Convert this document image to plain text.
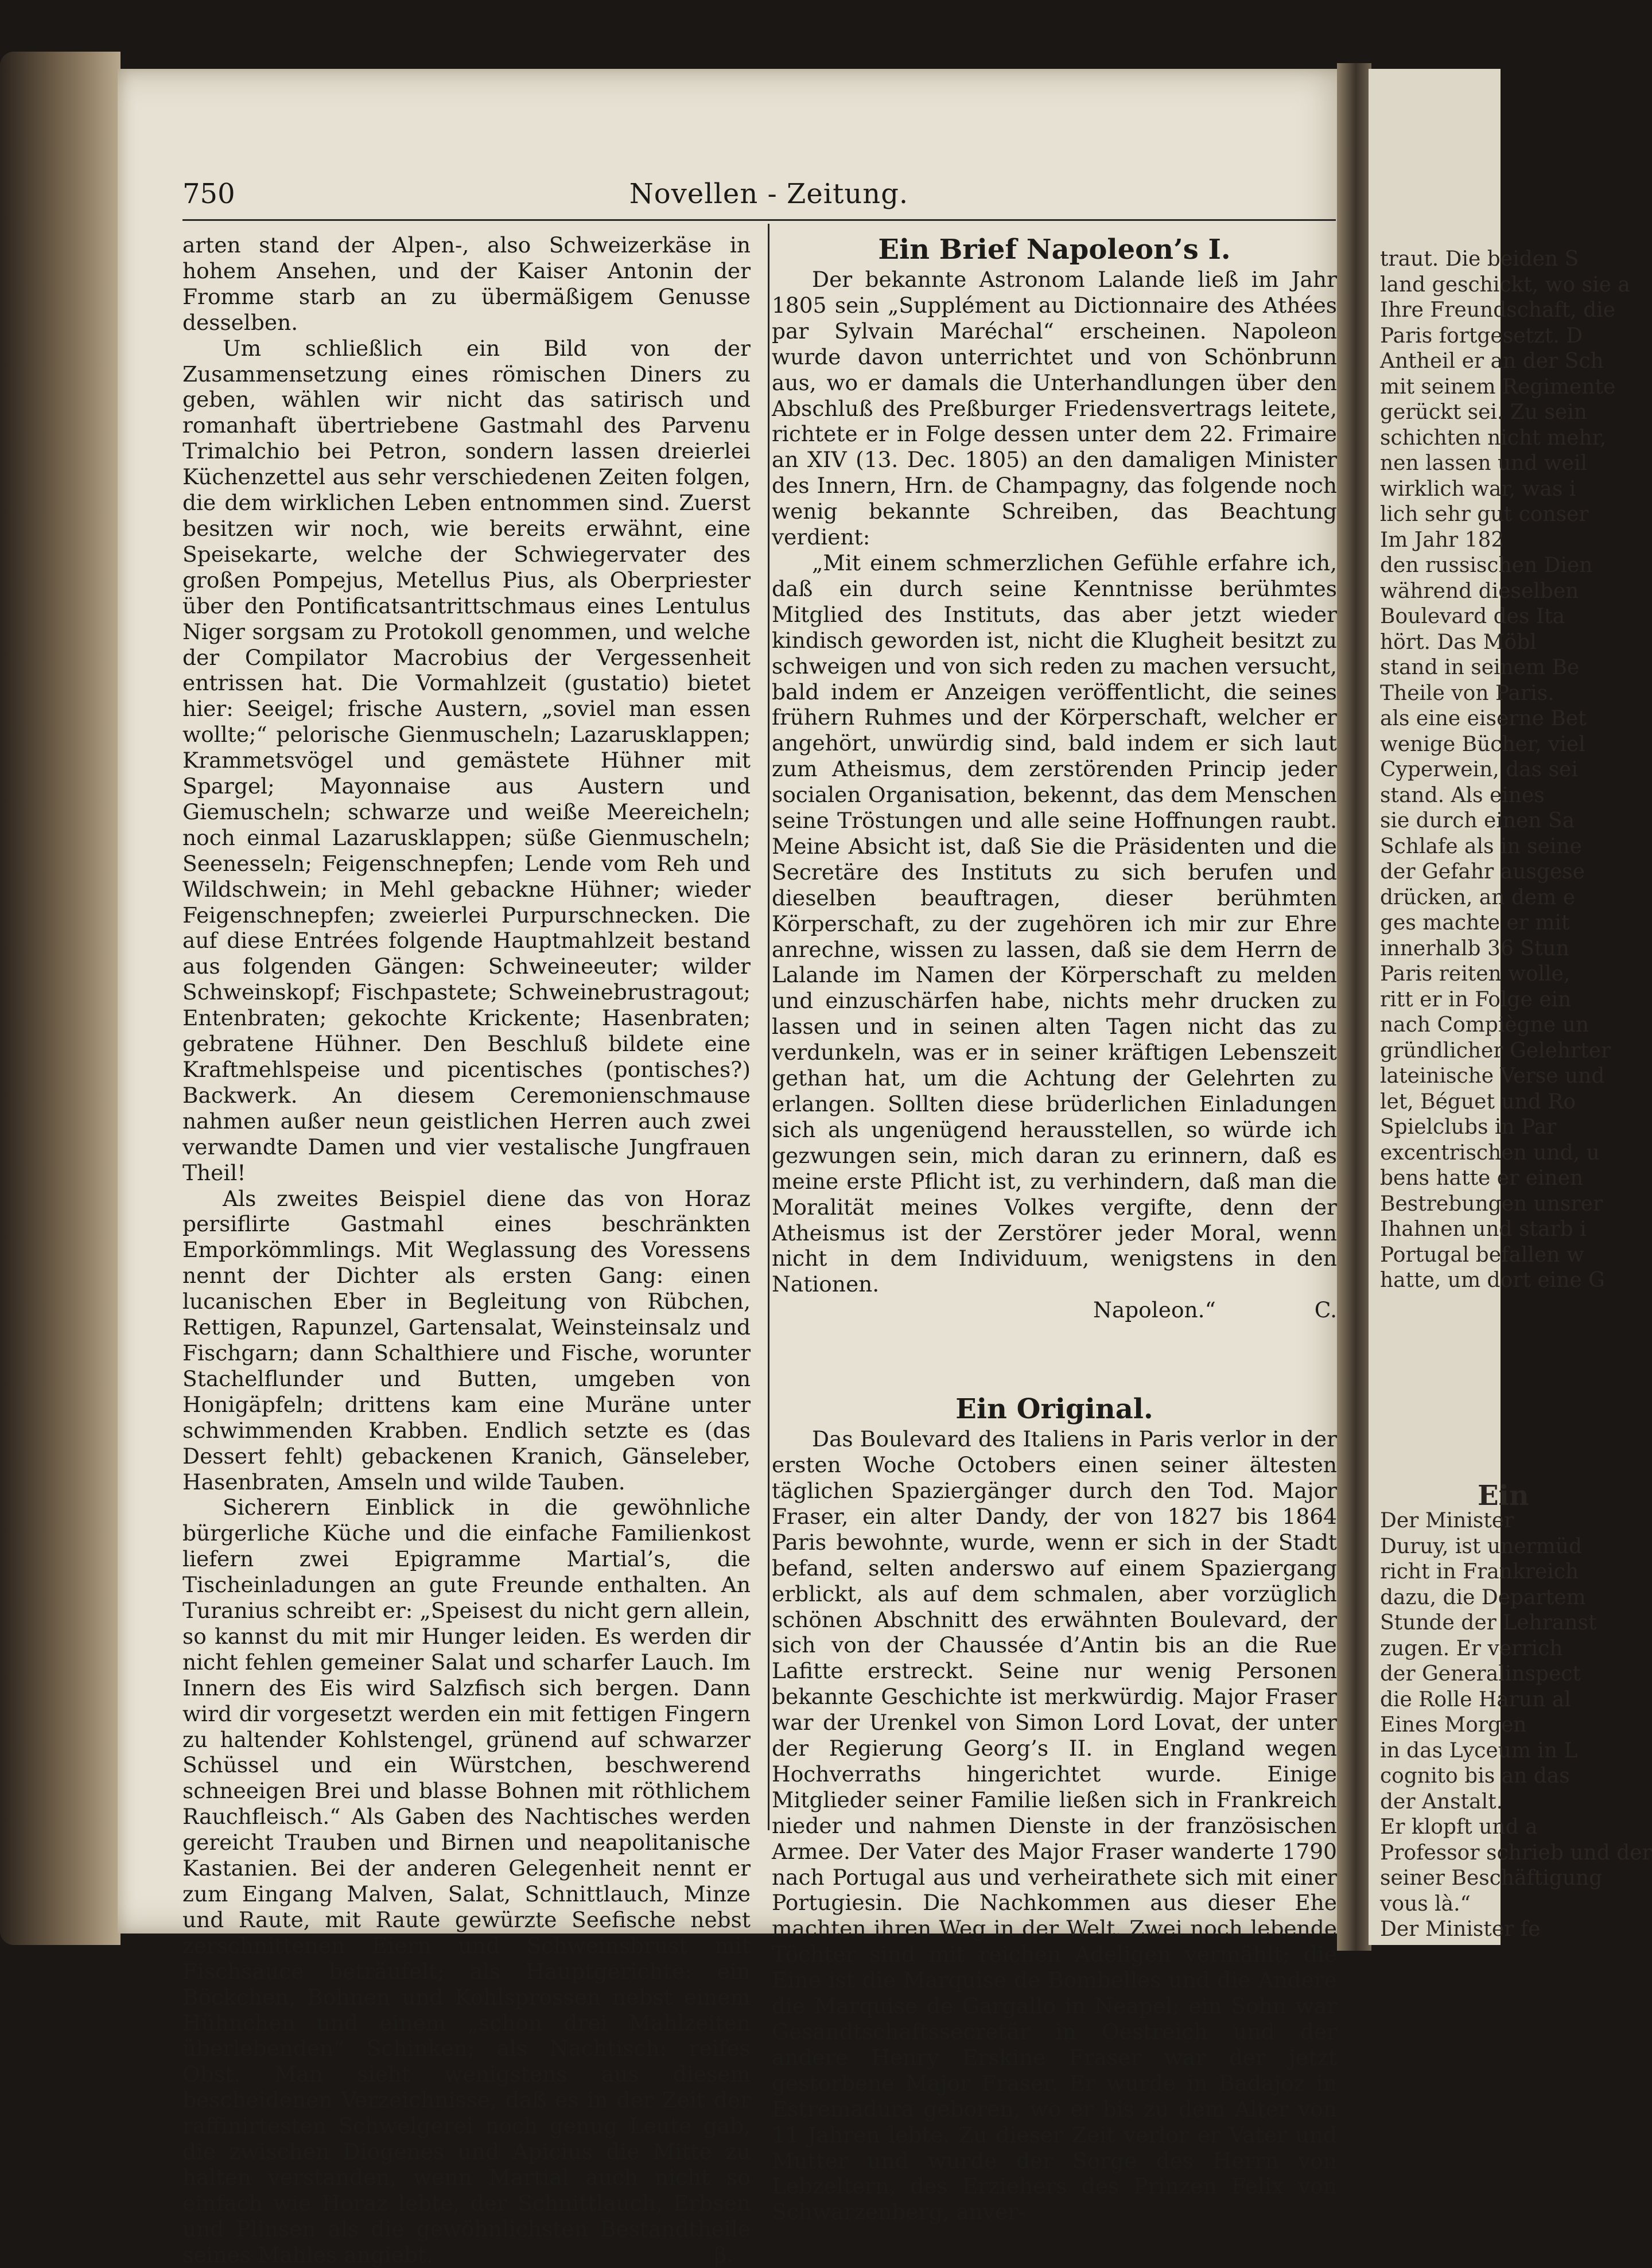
750	Novellen - Zeitung.

arten stand der Alpen-, also Schweizerkäse in hohem Ansehen, und der Kaiser Antonin der Fromme starb an zu übermäßigem Genusse desselben.

Um schließlich ein Bild von der Zusammensetzung eines römischen Diners zu geben, wählen wir nicht das satirisch und romanhaft übertriebene Gastmahl des Parvenu Trimalchio bei Petron, sondern lassen dreierlei Küchenzettel aus sehr verschiedenen Zeiten folgen, die dem wirklichen Leben entnommen sind. Zuerst besitzen wir noch, wie bereits erwähnt, eine Speisekarte, welche der Schwiegervater des großen Pompejus, Metellus Pius, als Oberpriester über den Pontificatsantrittschmaus eines Lentulus Niger sorgsam zu Protokoll genommen, und welche der Compilator Macrobius der Vergessenheit entrissen hat. Die Vormahlzeit (gustatio) bietet hier: Seeigel; frische Austern, „soviel man essen wollte;“ pelorische Gienmuscheln; Lazarusklappen; Krammetsvögel und gemästete Hühner mit Spargel; Mayonnaise aus Austern und Giemuscheln; schwarze und weiße Meereicheln; noch einmal Lazarusklappen; süße Gienmuscheln; Seenesseln; Feigenschnepfen; Lende vom Reh und Wildschwein; in Mehl gebackne Hühner; wieder Feigenschnepfen; zweierlei Purpurschnecken. Die auf diese Entrées folgende Hauptmahlzeit bestand aus folgenden Gängen: Schweineeuter; wilder Schweinskopf; Fischpastete; Schweinebrustragout; Entenbraten; gekochte Krickente; Hasenbraten; gebratene Hühner. Den Beschluß bildete eine Kraftmehlspeise und picentisches (pontisches?) Backwerk. An diesem Ceremonienschmause nahmen außer neun geistlichen Herren auch zwei verwandte Damen und vier vestalische Jungfrauen Theil!

Als zweites Beispiel diene das von Horaz persiflirte Gastmahl eines beschränkten Emporkömmlings. Mit Weglassung des Voressens nennt der Dichter als ersten Gang: einen lucanischen Eber in Begleitung von Rübchen, Rettigen, Rapunzel, Gartensalat, Weinsteinsalz und Fischgarn; dann Schalthiere und Fische, worunter Stachelflunder und Butten, umgeben von Honigäpfeln; drittens kam eine Muräne unter schwimmenden Krabben. Endlich setzte es (das Dessert fehlt) gebackenen Kranich, Gänseleber, Hasenbraten, Amseln und wilde Tauben.

Sicherern Einblick in die gewöhnliche bürgerliche Küche und die einfache Familienkost liefern zwei Epigramme Martial’s, die Tischeinladungen an gute Freunde enthalten. An Turanius schreibt er: „Speisest du nicht gern allein, so kannst du mit mir Hunger leiden. Es werden dir nicht fehlen gemeiner Salat und scharfer Lauch. Im Innern des Eis wird Salzfisch sich bergen. Dann wird dir vorgesetzt werden ein mit fettigen Fingern zu haltender Kohlstengel, grünend auf schwarzer Schüssel und ein Würstchen, beschwerend schneeigen Brei und blasse Bohnen mit röthlichem Rauchfleisch.“ Als Gaben des Nachtisches werden gereicht Trauben und Birnen und neapolitanische Kastanien. Bei der anderen Gelegenheit nennt er zum Eingang Malven, Salat, Schnittlauch, Minze und Raute, mit Raute gewürzte Seefische nebst zerschnittenen Eiern und Schweinsbrust mit Fischsauce beträufelt; als Hauptgerichte: ein Böckchen, Bohnen und Kohlsprossen nebst einem Hühnchen und einem „schon drei Mahlzeiten überlebenden“ Schinken; als Nachtisch: reifes Obst. Man sieht wenigstens aus diesem bescheidenen Verzeichnisse, daß es in der Zeit der raffinirtesten Schwelgerei noch genug Leute gab, die zwischen Diogenes und Apicius die Mitte zu halten verstanden, wenn Martial auch nicht so einfach wie Horaz lebte, der Schnittlauch, Erbsen und Plinsen als die gewöhnlichsten Bestandtheile seines Mahles angiebt.	β.
Ein Brief Napoleon’s I.

Der bekannte Astronom Lalande ließ im Jahr 1805 sein „Supplément au Dictionnaire des Athées par Sylvain Maréchal“ erscheinen. Napoleon wurde davon unterrichtet und von Schönbrunn aus, wo er damals die Unterhandlungen über den Abschluß des Preßburger Friedensvertrags leitete, richtete er in Folge dessen unter dem 22. Frimaire an XIV (13. Dec. 1805) an den damaligen Minister des Innern, Hrn. de Champagny, das folgende noch wenig bekannte Schreiben, das Beachtung verdient:

„Mit einem schmerzlichen Gefühle erfahre ich, daß ein durch seine Kenntnisse berühmtes Mitglied des Instituts, das aber jetzt wieder kindisch geworden ist, nicht die Klugheit besitzt zu schweigen und von sich reden zu machen versucht, bald indem er Anzeigen veröffentlicht, die seines frühern Ruhmes und der Körperschaft, welcher er angehört, unwürdig sind, bald indem er sich laut zum Atheismus, dem zerstörenden Princip jeder socialen Organisation, bekennt, das dem Menschen seine Tröstungen und alle seine Hoffnungen raubt. Meine Absicht ist, daß Sie die Präsidenten und die Secretäre des Instituts zu sich berufen und dieselben beauftragen, dieser berühmten Körperschaft, zu der zugehören ich mir zur Ehre anrechne, wissen zu lassen, daß sie dem Herrn de Lalande im Namen der Körperschaft zu melden und einzuschärfen habe, nichts mehr drucken zu lassen und in seinen alten Tagen nicht das zu verdunkeln, was er in seiner kräftigen Lebenszeit gethan hat, um die Achtung der Gelehrten zu erlangen. Sollten diese brüderlichen Einladungen sich als ungenügend herausstellen, so würde ich gezwungen sein, mich daran zu erinnern, daß es meine erste Pflicht ist, zu verhindern, daß man die Moralität meines Volkes vergifte, denn der Atheismus ist der Zerstörer jeder Moral, wenn nicht in dem Individuum, wenigstens in den Nationen.

Napoleon.“	C.
Ein Original.

Das Boulevard des Italiens in Paris verlor in der ersten Woche Octobers einen seiner ältesten täglichen Spaziergänger durch den Tod. Major Fraser, ein alter Dandy, der von 1827 bis 1864 Paris bewohnte, wurde, wenn er sich in der Stadt befand, selten anderswo auf einem Spaziergang erblickt, als auf dem schmalen, aber vorzüglich schönen Abschnitt des erwähnten Boulevard, der sich von der Chaussée d’Antin bis an die Rue Lafitte erstreckt. Seine nur wenig Personen bekannte Geschichte ist merkwürdig. Major Fraser war der Urenkel von Simon Lord Lovat, der unter der Regierung Georg’s II. in England wegen Hochverraths hingerichtet wurde. Einige Mitglieder seiner Familie ließen sich in Frankreich nieder und nahmen Dienste in der französischen Armee. Der Vater des Major Fraser wanderte 1790 nach Portugal aus und verheirathete sich mit einer Portugiesin. Die Nachkommen aus dieser Ehe machten ihren Weg in der Welt. Zwei noch lebende Töchter sind mit reichen Adeligen vermählt; die Eine ist die Marquise de Bombelles und die Andere die Marquise de Gargallo in Neapel; ein Sohn war Gesandtschaftssecretär in Oestreich und der andere Henry Erskine Fraser war der jetzt gestorbene Major Fraser. Er wurde in Badajoz in Estremadura geboren, wo er bis zu dem Alter von 11 Jahren lebte. Zu dieser Zeit verlor er Vater und Mutter und wurde der Sorge des Herrn von Lebzeltern, des Erziehers des Prinzen Felix von Schwarzenberg, anver-

traut. Die beiden S
land geschickt, wo sie a
Ihre Freundschaft, die
Paris fortgesetzt. D
Antheil er an der Sch
mit seinem Regimente
gerückt sei. Zu sein
schichten nicht mehr,
nen lassen und weil
wirklich war, was i
lich sehr gut conser
Im Jahr 182
den russischen Dien
während dieselben
Boulevard des Ita
hört. Das Möbl
stand in seinem Be
Theile von Paris.
als eine eiserne Bet
wenige Bücher, viel
Cyperwein, das sei
stand. Als eines
sie durch einen Sa
Schlafe als in seine
der Gefahr ausgese
drücken, an dem e
ges machte er mit
innerhalb 36 Stun
Paris reiten wolle,
ritt er in Folge ein
nach Compiègne un
gründlicher Gelehrter
lateinische Verse und
let, Béguet und Ro
Spielclubs in Par
excentrischen und, u
bens hatte er einen
Bestrebungen unsrer
Ihahnen und starb i
Portugal befallen w
hatte, um dort eine G
Ein
Der Minister
Duruy, ist unermüd
richt in Frankreich
dazu, die Departem
Stunde der Lehranst
zugen. Er verrich
der Generalinspect
die Rolle Harun al
Eines Morgen
in das Lyceum in L
cognito bis an das
der Anstalt.
Er klopft und a
Professor schrieb und der
seiner Beschäftigung
vous là.“
Der Minister fe
